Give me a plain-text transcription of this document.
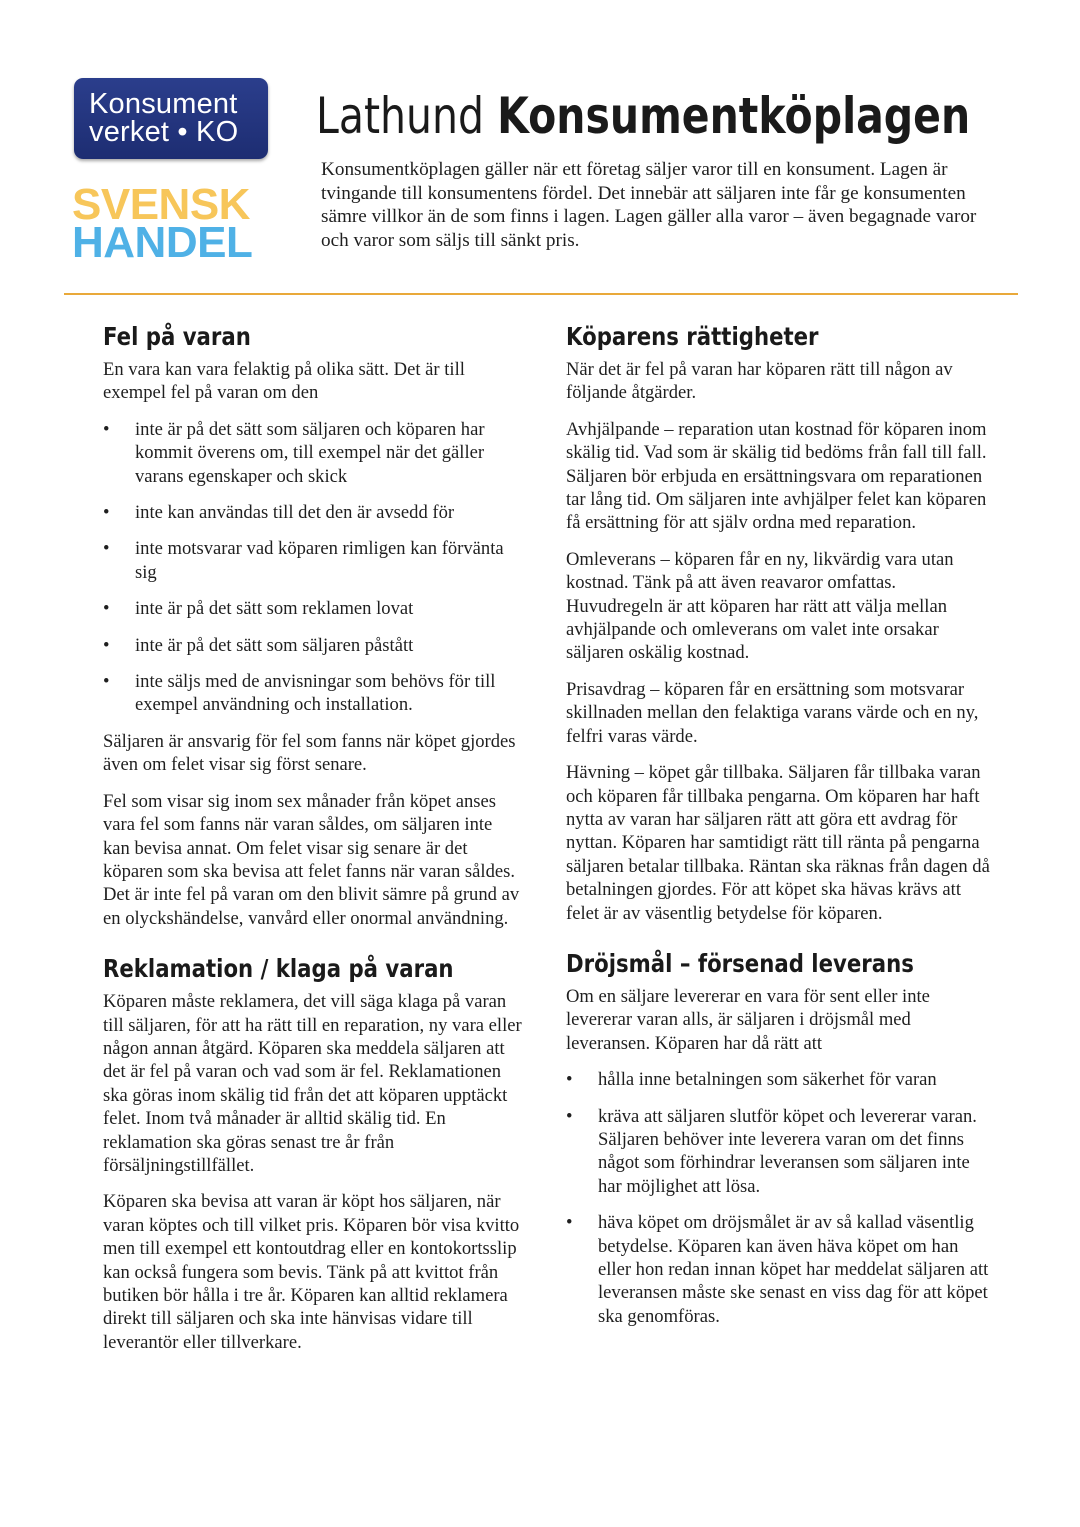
Konsument
verket • KO
SVENSK
HANDEL
Lathund Konsumentköplagen

Konsumentköplagen gäller när ett företag säljer varor till en konsument. Lagen är tvingande till konsumentens fördel. Det innebär att säljaren inte får ge konsumenten sämre villkor än de som finns i lagen. Lagen gäller alla varor – även begagnade varor och varor som säljs till sänkt pris.

Fel på varan

En vara kan vara felaktig på olika sätt. Det är till exempel fel på varan om den

• inte är på det sätt som säljaren och köparen har kommit överens om, till exempel när det gäller varans egenskaper och skick
• inte kan användas till det den är avsedd för
• inte motsvarar vad köparen rimligen kan förvänta sig
• inte är på det sätt som reklamen lovat
• inte är på det sätt som säljaren påstått
• inte säljs med de anvisningar som behövs för till exempel användning och installation.

Säljaren är ansvarig för fel som fanns när köpet gjordes även om felet visar sig först senare.

Fel som visar sig inom sex månader från köpet anses vara fel som fanns när varan såldes, om säljaren inte kan bevisa annat. Om felet visar sig senare är det köparen som ska bevisa att felet fanns när varan såldes. Det är inte fel på varan om den blivit sämre på grund av en olyckshändelse, vanvård eller onormal användning.

Reklamation / klaga på varan

Köparen måste reklamera, det vill säga klaga på varan till säljaren, för att ha rätt till en reparation, ny vara eller någon annan åtgärd. Köparen ska meddela säljaren att det är fel på varan och vad som är fel. Reklamationen ska göras inom skälig tid från det att köparen upptäckt felet. Inom två månader är alltid skälig tid. En reklamation ska göras senast tre år från försäljningstillfället.

Köparen ska bevisa att varan är köpt hos säljaren, när varan köptes och till vilket pris. Köparen bör visa kvitto men till exempel ett kontoutdrag eller en kontokortsslip kan också fungera som bevis. Tänk på att kvittot från butiken bör hålla i tre år. Köparen kan alltid reklamera direkt till säljaren och ska inte hänvisas vidare till leverantör eller tillverkare.

Köparens rättigheter

När det är fel på varan har köparen rätt till någon av följande åtgärder.

Avhjälpande – reparation utan kostnad för köparen inom skälig tid. Vad som är skälig tid bedöms från fall till fall. Säljaren bör erbjuda en ersättningsvara om reparationen tar lång tid. Om säljaren inte avhjälper felet kan köparen få ersättning för att själv ordna med reparation.

Omleverans – köparen får en ny, likvärdig vara utan kostnad. Tänk på att även reavaror omfattas. Huvudregeln är att köparen har rätt att välja mellan avhjälpande och omleverans om valet inte orsakar säljaren oskälig kostnad.

Prisavdrag – köparen får en ersättning som motsvarar skillnaden mellan den felaktiga varans värde och en ny, felfri varas värde.

Hävning – köpet går tillbaka. Säljaren får tillbaka varan och köparen får tillbaka pengarna. Om köparen har haft nytta av varan har säljaren rätt att göra ett avdrag för nyttan. Köparen har samtidigt rätt till ränta på pengarna säljaren betalar tillbaka. Räntan ska räknas från dagen då betalningen gjordes. För att köpet ska hävas krävs att felet är av väsentlig betydelse för köparen.

Dröjsmål – försenad leverans

Om en säljare levererar en vara för sent eller inte levererar varan alls, är säljaren i dröjsmål med leveransen. Köparen har då rätt att

• hålla inne betalningen som säkerhet för varan
• kräva att säljaren slutför köpet och levererar varan. Säljaren behöver inte leverera varan om det finns något som förhindrar leveransen som säljaren inte har möjlighet att lösa.
• häva köpet om dröjsmålet är av så kallad väsentlig betydelse. Köparen kan även häva köpet om han eller hon redan innan köpet har meddelat säljaren att leveransen måste ske senast en viss dag för att köpet ska genomföras.
